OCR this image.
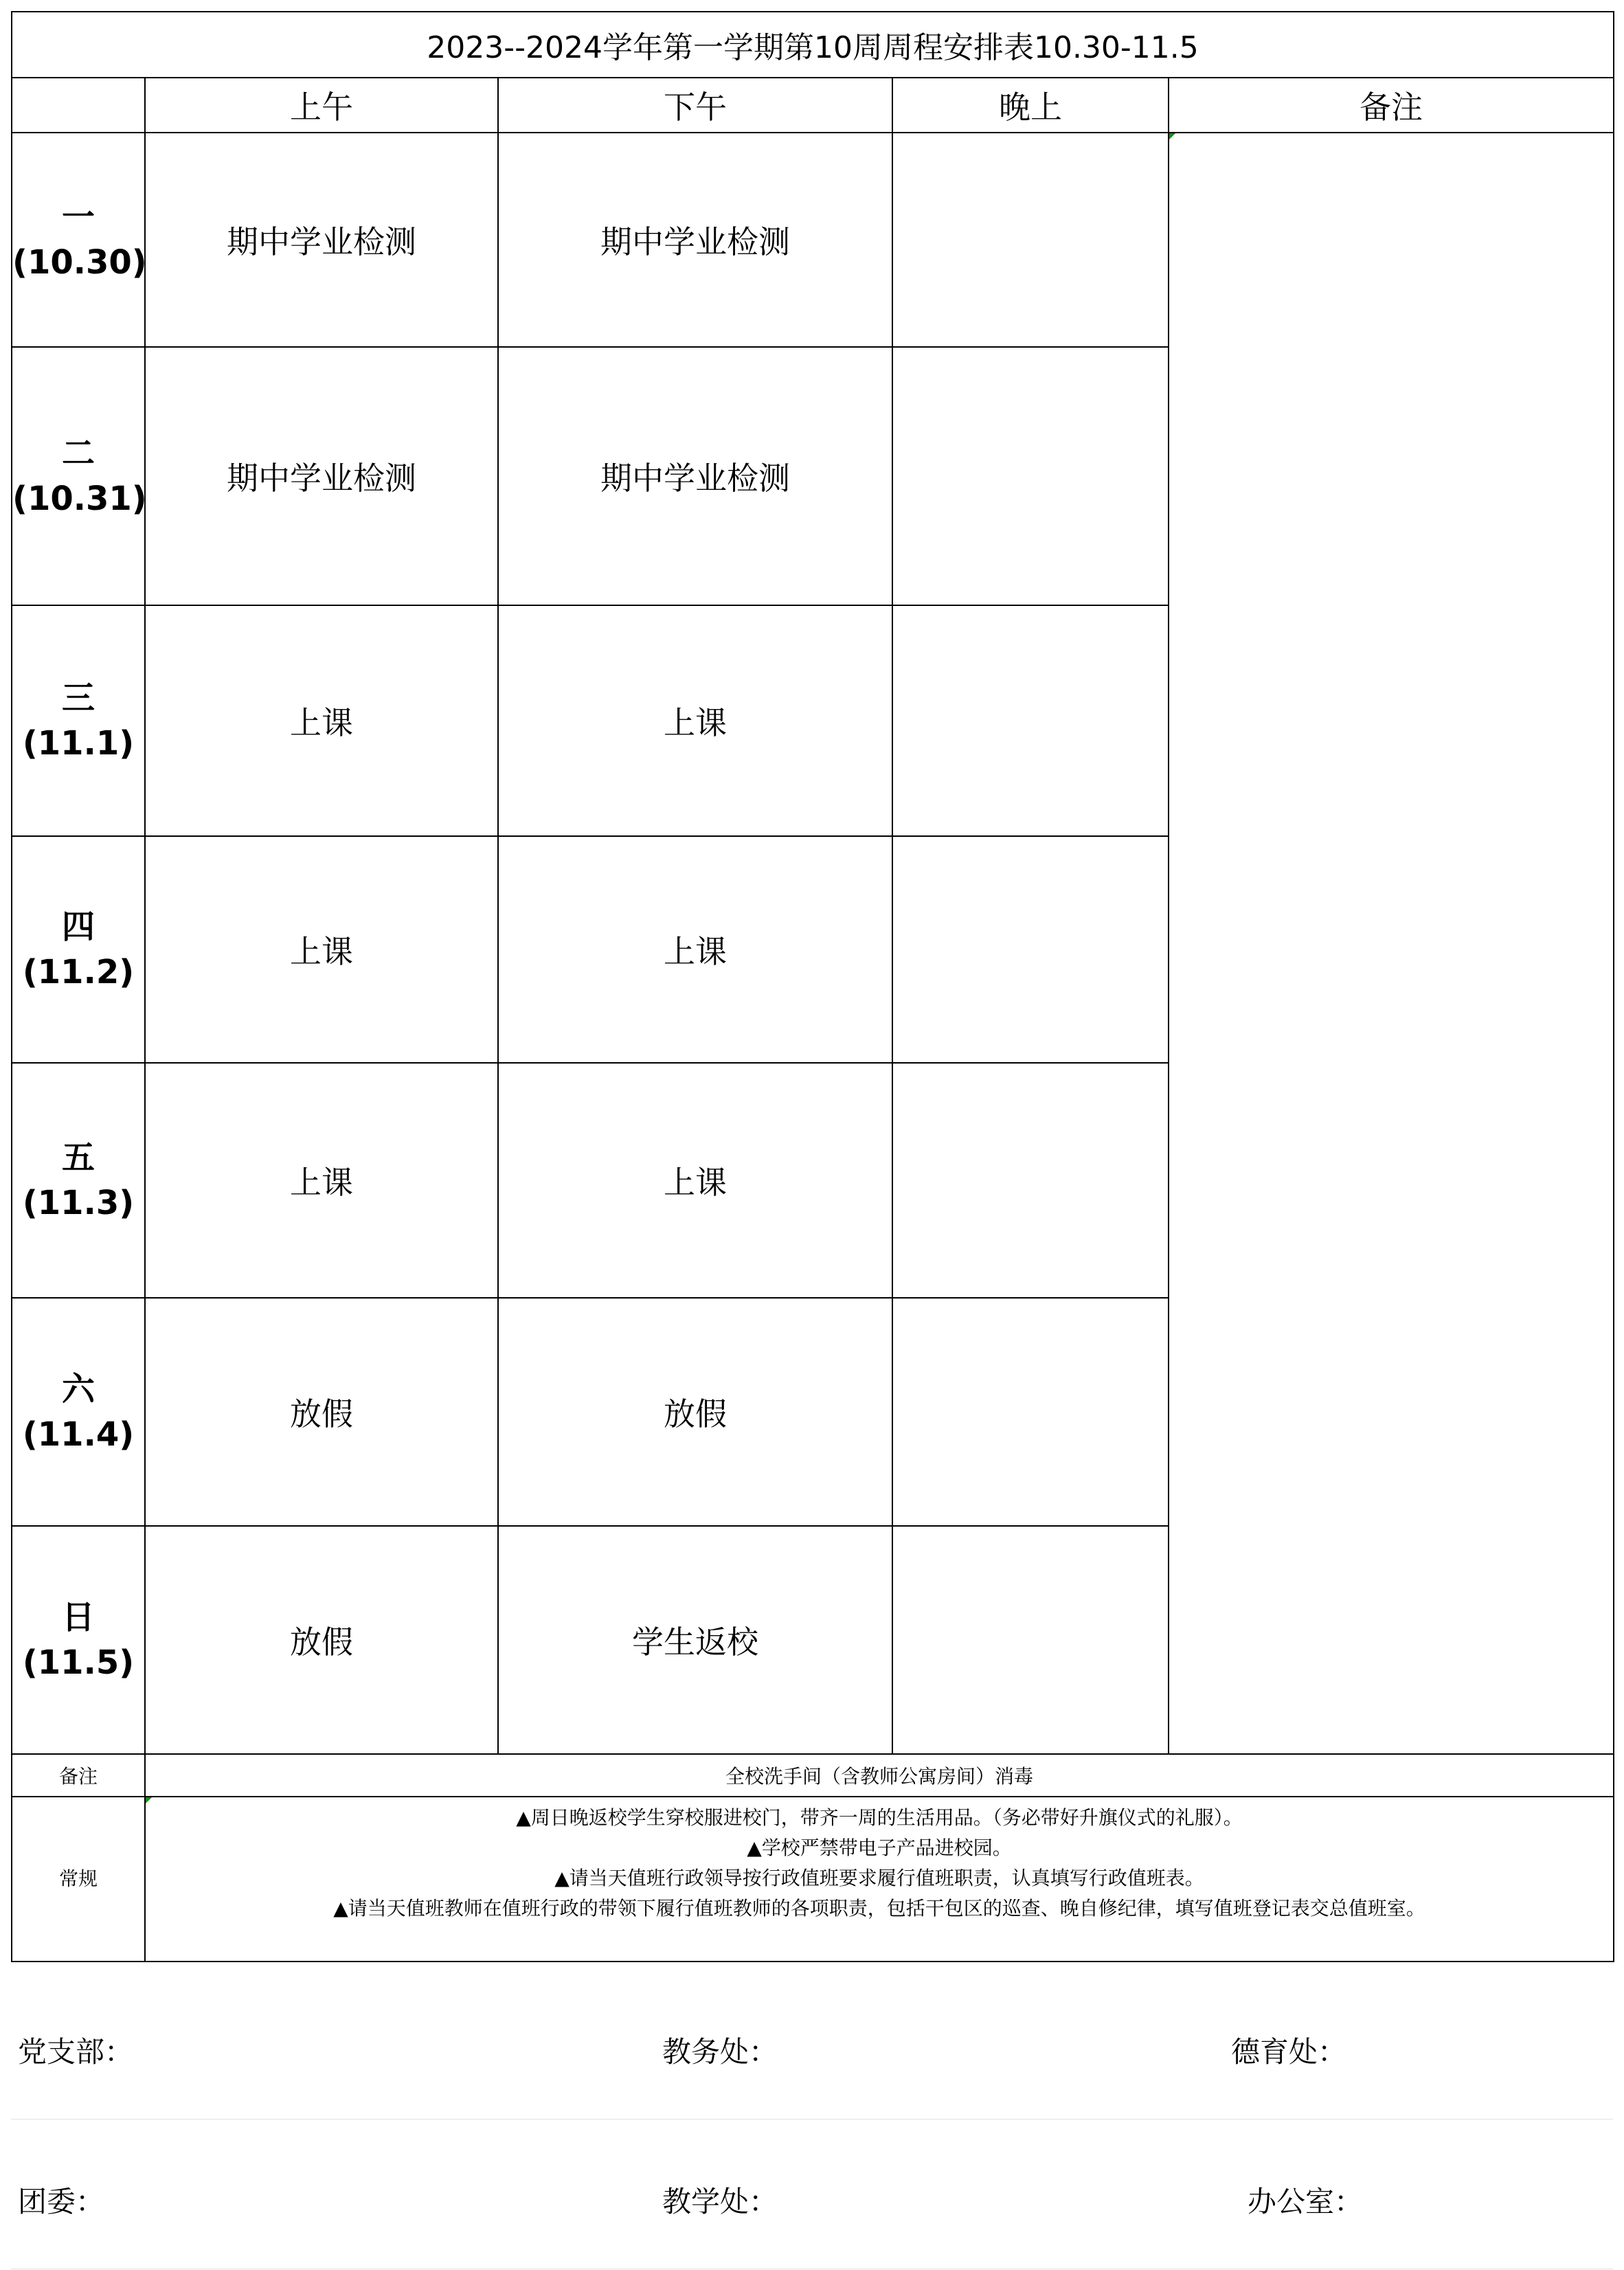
2023--2024学年第一学期第10周周程安排表10.30-11.5				
	上午	下午	晚上	备注

一
(10.30)	期中学业检测	期中学业检测		

二
(10.31)	期中学业检测	期中学业检测		

三
(11.1)	上课	上课		

四
(11.2)	上课	上课		

五
(11.3)	上课	上课		

六
(11.4)	放假	放假		

日
(11.5)	放假	学生返校		
备注	全校洗手间（含教师公寓房间）消毒			
常规	▲周日晚返校学生穿校服进校门，带齐一周的生活用品。（务必带好升旗仪式的礼服）。
▲学校严禁带电子产品进校园。
▲请当天值班行政领导按行政值班要求履行值班职责，认真填写行政值班表。
▲请当天值班教师在值班行政的带领下履行值班教师的各项职责，包括干包区的巡查、晚自修纪律，填写值班登记表交总值班室。			
党支部：	教务处：	德育处：
团委：	教学处：	办公室：
